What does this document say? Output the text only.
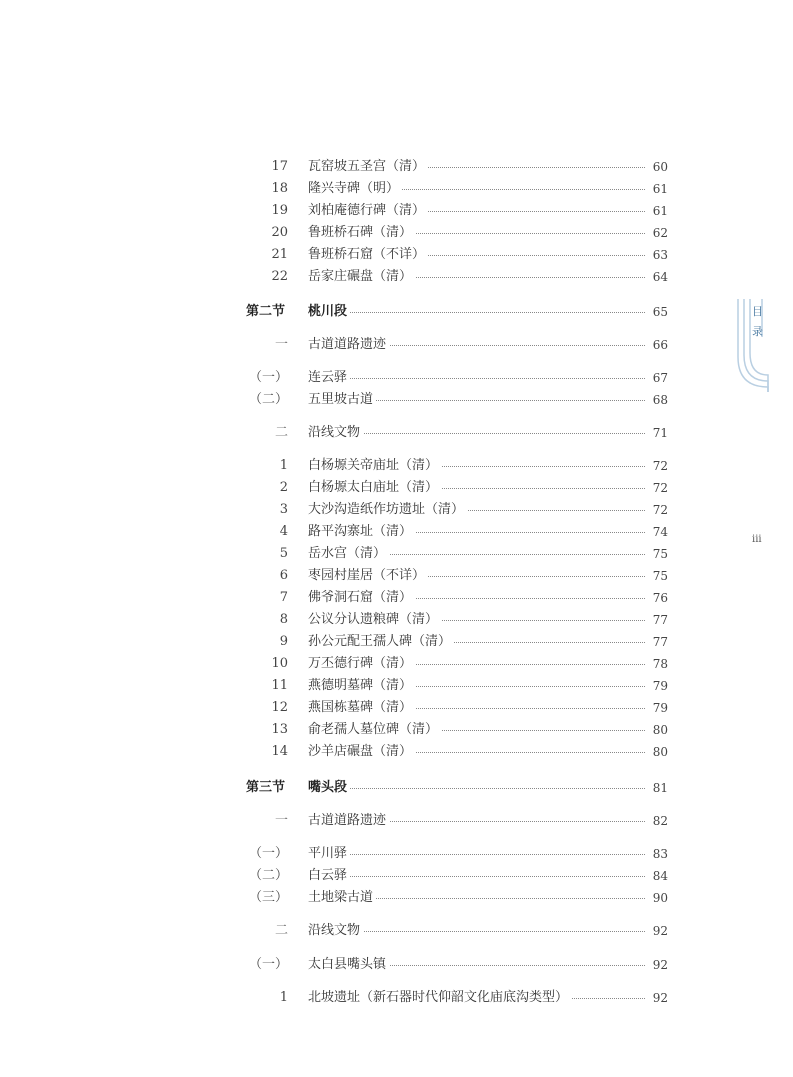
17 瓦窑坡五圣宫（清）	60
18 隆兴寺碑（明）	61
19 刘柏庵德行碑（清）	61
20 鲁班桥石碑（清）	62
21 鲁班桥石窟（不详）	63
22 岳家庄碾盘（清）	64
第二节	桃川段	65
一 古道道路遗迹	66
（一） 连云驿	67
（二） 五里坡古道	68
二 沿线文物	71
1 白杨塬关帝庙址（清）	72
2 白杨塬太白庙址（清）	72
3 大沙沟造纸作坊遗址（清）	72
4 路平沟寨址（清）	74
5 岳水宫（清）	75
6 枣园村崖居（不详）	75
7 佛爷洞石窟（清）	76
8 公议分认遗粮碑（清）	77
9 孙公元配王孺人碑（清）	77
10 万丕德行碑（清）	78
11 燕德明墓碑（清）	79
12 燕国栋墓碑（清）	79
13 俞老孺人墓位碑（清）	80
14 沙羊店碾盘（清）	80
第三节	嘴头段	81
一 古道道路遗迹	82
（一） 平川驿	83
（二） 白云驿	84
（三） 土地梁古道	90
二 沿线文物	92
（一） 太白县嘴头镇	92
1 北坡遗址（新石器时代仰韶文化庙底沟类型）	92
目
录
iii
